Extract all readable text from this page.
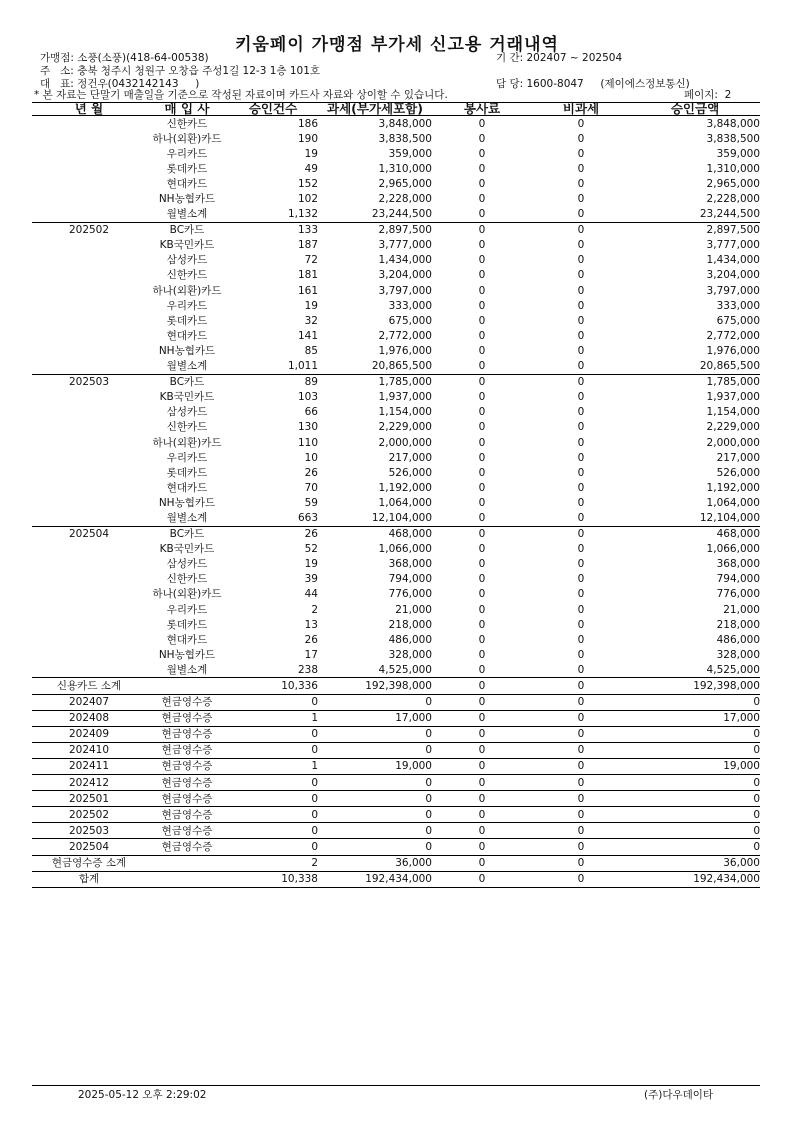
키움페이 가맹점 부가세 신고용 거래내역
가맹점: 소풍(소풍)(418-64-00538)	기 간: 202407 ~ 202504
주   소: 충북 청주시 청원구 오창읍 주성1길 12-3 1층 101호
대   표: 정건우(0432142143     )	담 당: 1600-8047     (제이에스정보통신)
* 본 자료는 단말기 매출일을 기준으로 작성된 자료이며 카드사 자료와 상이할 수 있습니다.	페이지:  2
년 월	매 입 사	승인건수	과세(부가세포함)	봉사료	비과세	승인금액
	신한카드	186	3,848,000	0	0	3,848,000
	하나(외환)카드	190	3,838,500	0	0	3,838,500
	우리카드	19	359,000	0	0	359,000
	롯데카드	49	1,310,000	0	0	1,310,000
	현대카드	152	2,965,000	0	0	2,965,000
	NH농협카드	102	2,228,000	0	0	2,228,000
	월별소계	1,132	23,244,500	0	0	23,244,500
202502	BC카드	133	2,897,500	0	0	2,897,500
	KB국민카드	187	3,777,000	0	0	3,777,000
	삼성카드	72	1,434,000	0	0	1,434,000
	신한카드	181	3,204,000	0	0	3,204,000
	하나(외환)카드	161	3,797,000	0	0	3,797,000
	우리카드	19	333,000	0	0	333,000
	롯데카드	32	675,000	0	0	675,000
	현대카드	141	2,772,000	0	0	2,772,000
	NH농협카드	85	1,976,000	0	0	1,976,000
	월별소계	1,011	20,865,500	0	0	20,865,500
202503	BC카드	89	1,785,000	0	0	1,785,000
	KB국민카드	103	1,937,000	0	0	1,937,000
	삼성카드	66	1,154,000	0	0	1,154,000
	신한카드	130	2,229,000	0	0	2,229,000
	하나(외환)카드	110	2,000,000	0	0	2,000,000
	우리카드	10	217,000	0	0	217,000
	롯데카드	26	526,000	0	0	526,000
	현대카드	70	1,192,000	0	0	1,192,000
	NH농협카드	59	1,064,000	0	0	1,064,000
	월별소계	663	12,104,000	0	0	12,104,000
202504	BC카드	26	468,000	0	0	468,000
	KB국민카드	52	1,066,000	0	0	1,066,000
	삼성카드	19	368,000	0	0	368,000
	신한카드	39	794,000	0	0	794,000
	하나(외환)카드	44	776,000	0	0	776,000
	우리카드	2	21,000	0	0	21,000
	롯데카드	13	218,000	0	0	218,000
	현대카드	26	486,000	0	0	486,000
	NH농협카드	17	328,000	0	0	328,000
	월별소계	238	4,525,000	0	0	4,525,000
신용카드 소계		10,336	192,398,000	0	0	192,398,000
202407	현금영수증	0	0	0	0	0
202408	현금영수증	1	17,000	0	0	17,000
202409	현금영수증	0	0	0	0	0
202410	현금영수증	0	0	0	0	0
202411	현금영수증	1	19,000	0	0	19,000
202412	현금영수증	0	0	0	0	0
202501	현금영수증	0	0	0	0	0
202502	현금영수증	0	0	0	0	0
202503	현금영수증	0	0	0	0	0
202504	현금영수증	0	0	0	0	0
현금영수증 소계		2	36,000	0	0	36,000
합계		10,338	192,434,000	0	0	192,434,000
2025-05-12 오후 2:29:02	(주)다우데이타
